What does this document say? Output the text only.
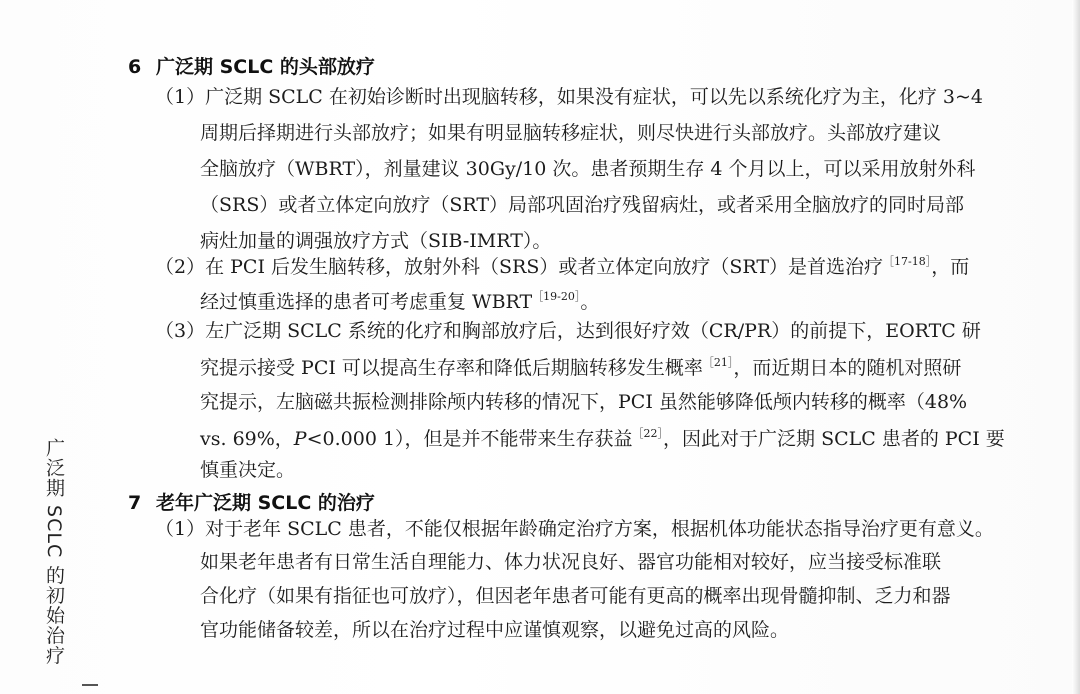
广泛期 SCLC 的初始治疗
6 广泛期 SCLC 的头部放疗
（1）广泛期 SCLC 在初始诊断时出现脑转移，如果没有症状，可以先以系统化疗为主，化疗 3~4
周期后择期进行头部放疗；如果有明显脑转移症状，则尽快进行头部放疗。头部放疗建议
全脑放疗（WBRT），剂量建议 30Gy/10 次。患者预期生存 4 个月以上，可以采用放射外科
（SRS）或者立体定向放疗（SRT）局部巩固治疗残留病灶，或者采用全脑放疗的同时局部
病灶加量的调强放疗方式（SIB-IMRT）。
（2）在 PCI 后发生脑转移，放射外科（SRS）或者立体定向放疗（SRT）是首选治疗$^{[17-18]}$，而
经过慎重选择的患者可考虑重复 WBRT$^{[19-20]}$。
（3）左广泛期 SCLC 系统的化疗和胸部放疗后，达到很好疗效（CR/PR）的前提下，EORTC 研
究提示接受 PCI 可以提高生存率和降低后期脑转移发生概率$^{[21]}$，而近期日本的随机对照研
究提示，左脑磁共振检测排除颅内转移的情况下，PCI 虽然能够降低颅内转移的概率（48%
vs. 69%，P<0.000 1），但是并不能带来生存获益$^{[22]}$，因此对于广泛期 SCLC 患者的 PCI 要
慎重决定。
7 老年广泛期 SCLC 的治疗
（1）对于老年 SCLC 患者，不能仅根据年龄确定治疗方案，根据机体功能状态指导治疗更有意义。
如果老年患者有日常生活自理能力、体力状况良好、器官功能相对较好，应当接受标准联
合化疗（如果有指征也可放疗），但因老年患者可能有更高的概率出现骨髓抑制、乏力和器
官功能储备较差，所以在治疗过程中应谨慎观察，以避免过高的风险。
